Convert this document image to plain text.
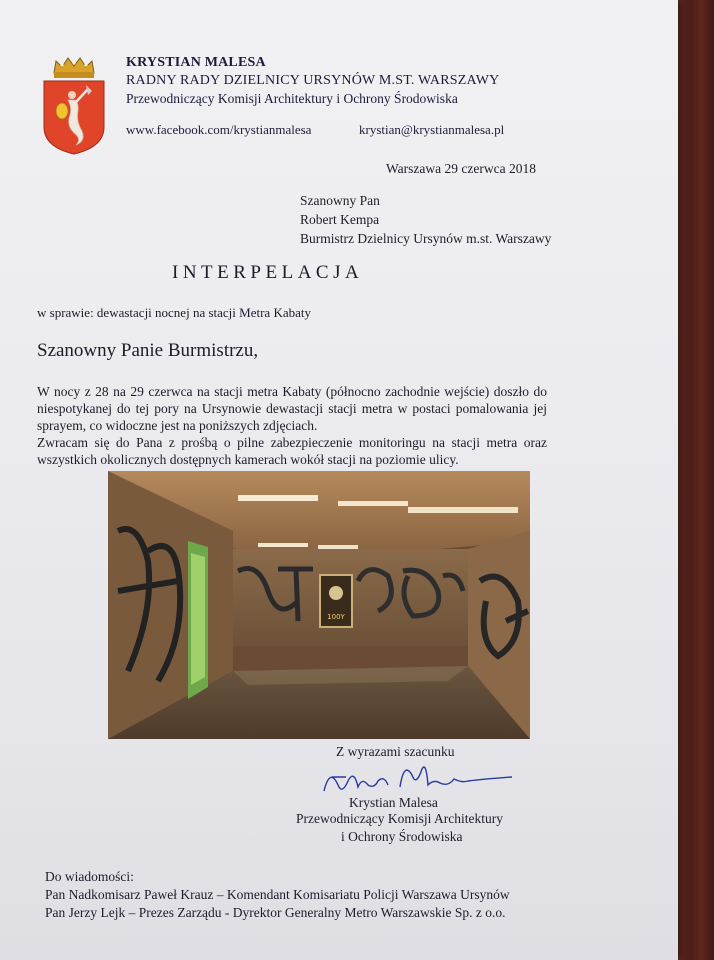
KRYSTIAN MALESA
RADNY RADY DZIELNICY URSYNÓW M.ST. WARSZAWY
Przewodniczący Komisji Architektury i Ochrony Środowiska
www.facebook.com/krystianmalesa	krystian@krystianmalesa.pl
Warszawa 29 czerwca 2018
Szanowny Pan
Robert Kempa
Burmistrz Dzielnicy Ursynów m.st. Warszawy
INTERPELACJA
w sprawie: dewastacji nocnej na stacji Metra Kabaty
Szanowny Panie Burmistrzu,

W nocy z 28 na 29 czerwca na stacji metra Kabaty (północno zachodnie wejście) doszło do niespotykanej do tej pory na Ursynowie dewastacji stacji metra w postaci pomalowania jej sprayem, co widoczne jest na poniższych zdjęciach.

Zwracam się do Pana z prośbą o pilne zabezpieczenie monitoringu na stacji metra oraz wszystkich okolicznych dostępnych kamerach wokół stacji na poziomie ulicy.

100Y
Z wyrazami szacunku
Krystian Malesa
Przewodniczący Komisji Architektury
i Ochrony Środowiska
Do wiadomości:
Pan Nadkomisarz Paweł Krauz – Komendant Komisariatu Policji Warszawa Ursynów
Pan Jerzy Lejk – Prezes Zarządu - Dyrektor Generalny Metro Warszawskie Sp. z o.o.
